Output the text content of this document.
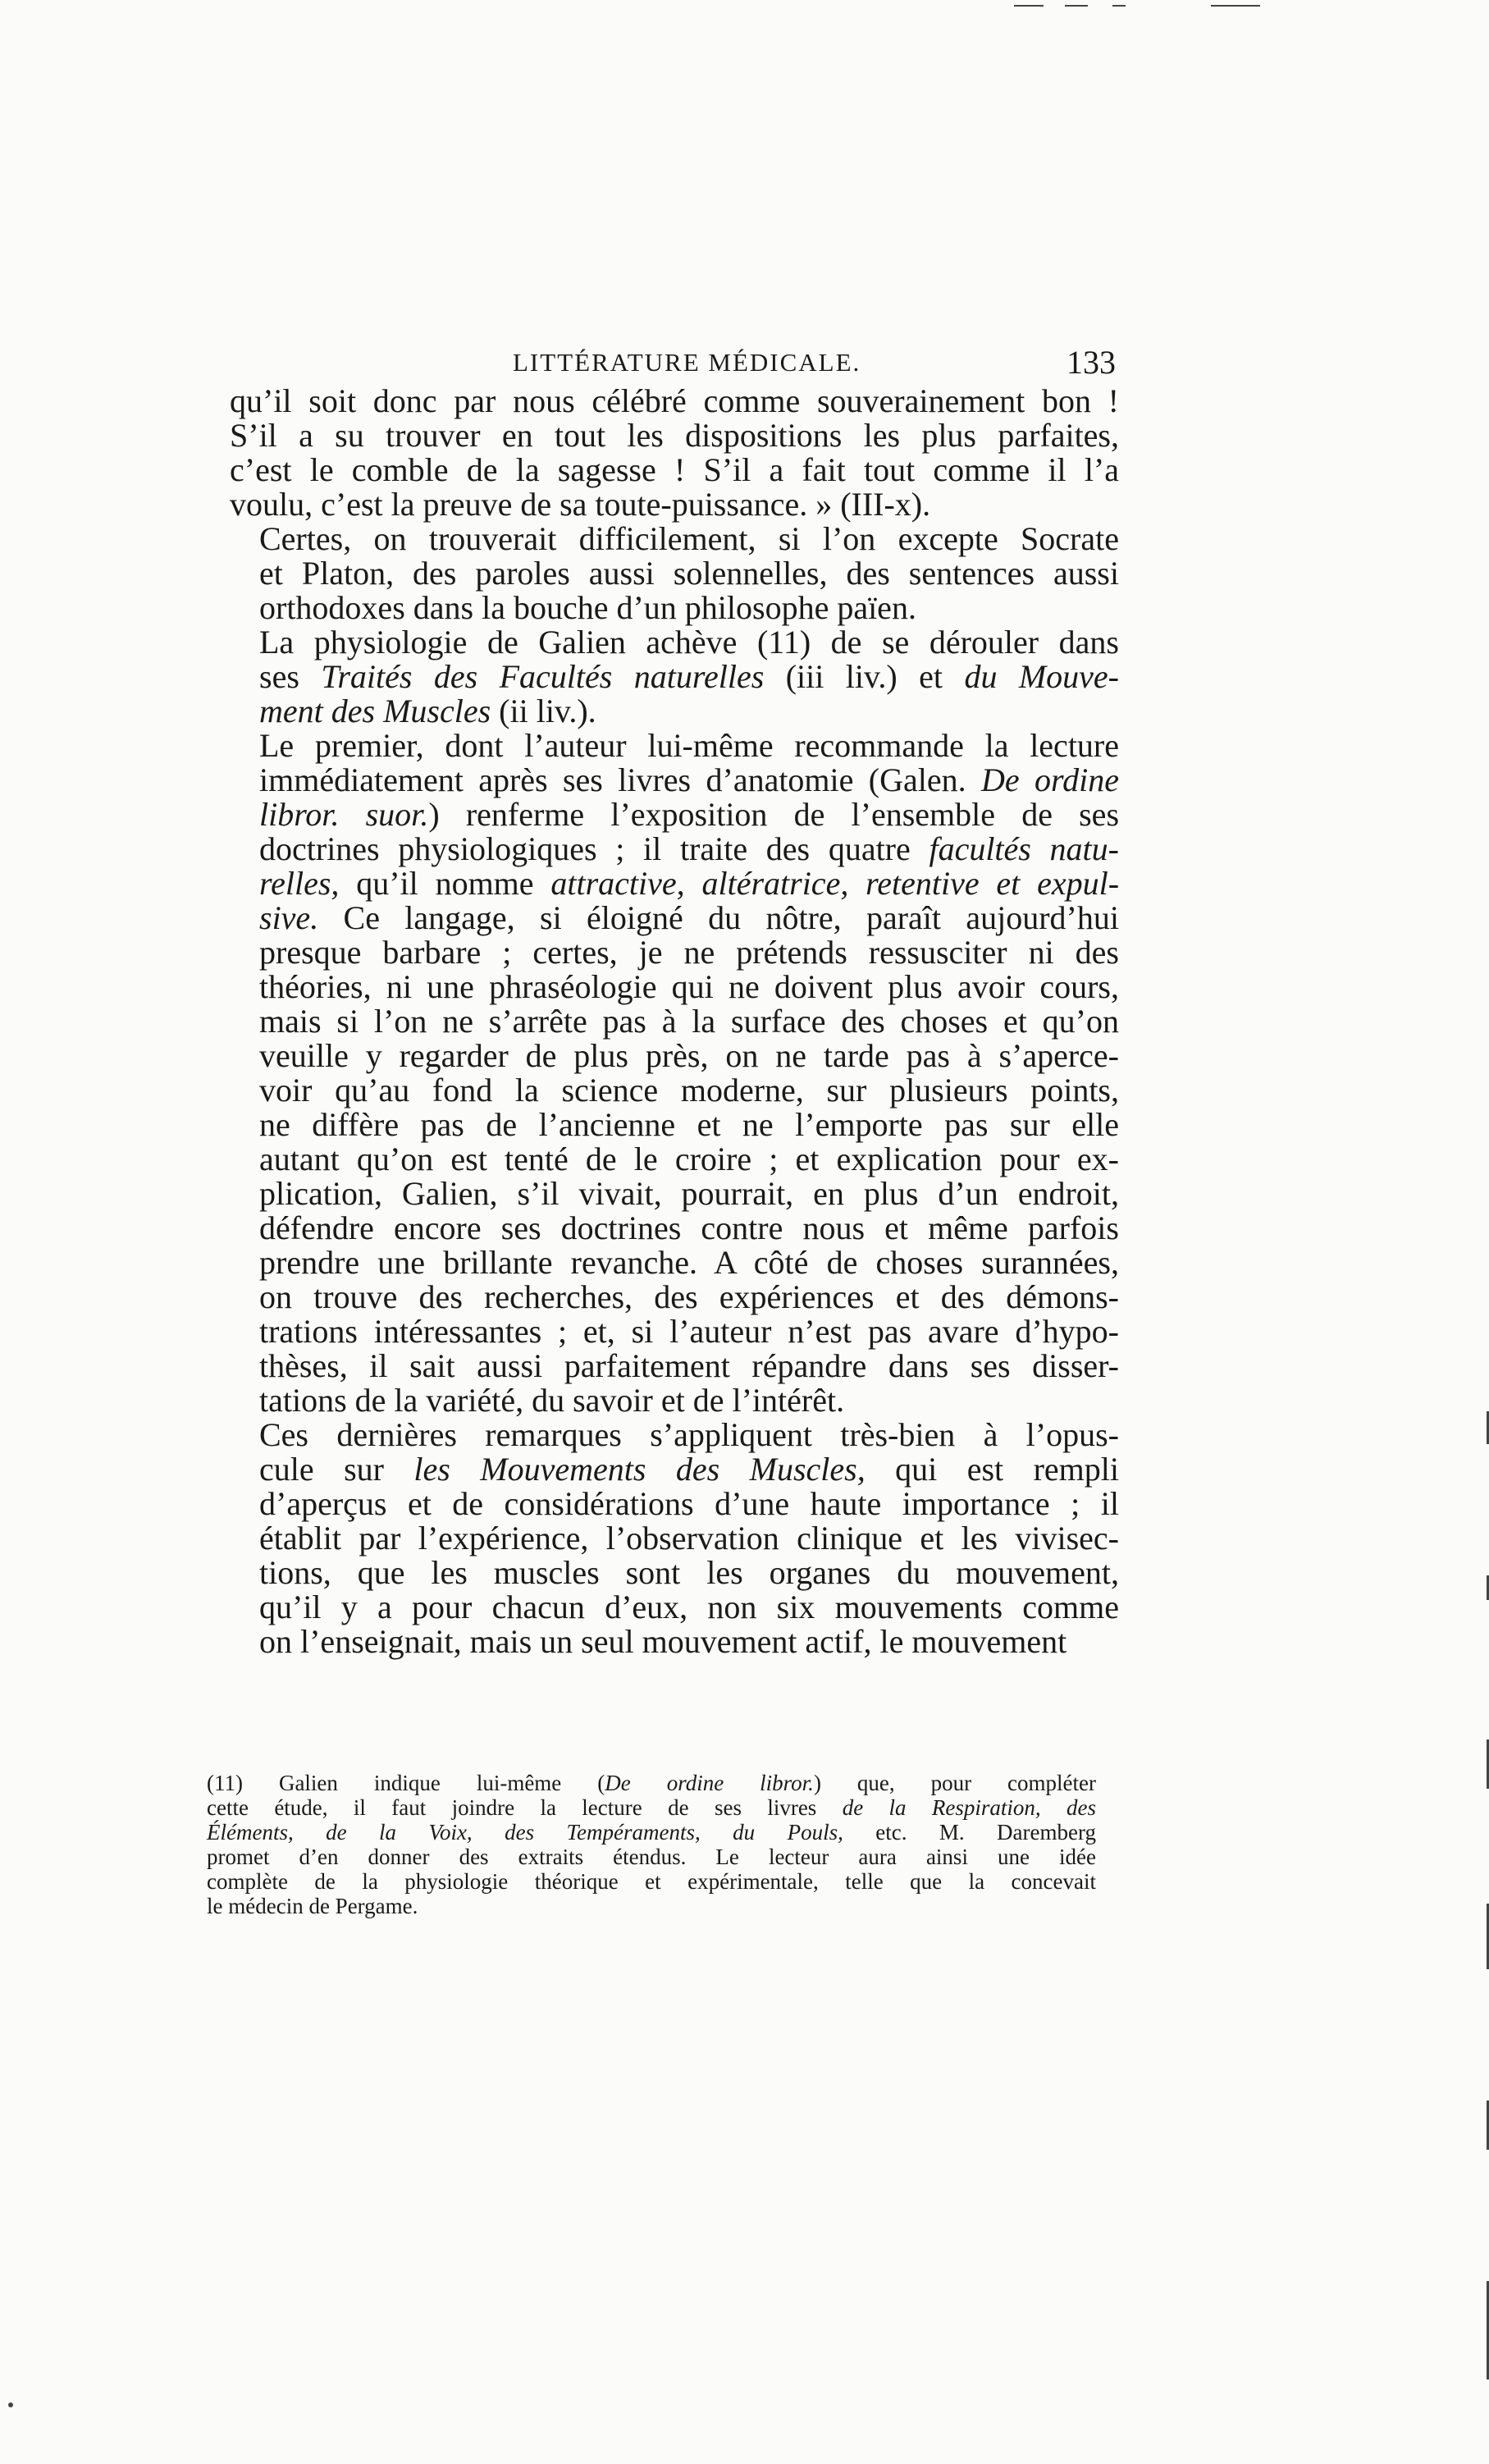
LITTÉRATURE MÉDICALE.	133

qu’il soit donc par nous célébré comme souverainement bon !
S’il a su trouver en tout les dispositions les plus parfaites,
c’est le comble de la sagesse ! S’il a fait tout comme il l’a
voulu, c’est la preuve de sa toute-puissance. » (III-x).

Certes, on trouverait difficilement, si l’on excepte Socrate
et Platon, des paroles aussi solennelles, des sentences aussi
orthodoxes dans la bouche d’un philosophe païen.

La physiologie de Galien achève (11) de se dérouler dans
ses Traités des Facultés naturelles (iii liv.) et du Mouve-
ment des Muscles (ii liv.).

Le premier, dont l’auteur lui-même recommande la lecture
immédiatement après ses livres d’anatomie (Galen. De ordine
libror. suor.) renferme l’exposition de l’ensemble de ses
doctrines physiologiques ; il traite des quatre facultés natu-
relles, qu’il nomme attractive, altératrice, retentive et expul-
sive. Ce langage, si éloigné du nôtre, paraît aujourd’hui
presque barbare ; certes, je ne prétends ressusciter ni des
théories, ni une phraséologie qui ne doivent plus avoir cours,
mais si l’on ne s’arrête pas à la surface des choses et qu’on
veuille y regarder de plus près, on ne tarde pas à s’aperce-
voir qu’au fond la science moderne, sur plusieurs points,
ne diffère pas de l’ancienne et ne l’emporte pas sur elle
autant qu’on est tenté de le croire ; et explication pour ex-
plication, Galien, s’il vivait, pourrait, en plus d’un endroit,
défendre encore ses doctrines contre nous et même parfois
prendre une brillante revanche. A côté de choses surannées,
on trouve des recherches, des expériences et des démons-
trations intéressantes ; et, si l’auteur n’est pas avare d’hypo-
thèses, il sait aussi parfaitement répandre dans ses disser-
tations de la variété, du savoir et de l’intérêt.

Ces dernières remarques s’appliquent très-bien à l’opus-
cule sur les Mouvements des Muscles, qui est rempli
d’aperçus et de considérations d’une haute importance ; il
établit par l’expérience, l’observation clinique et les vivisec-
tions, que les muscles sont les organes du mouvement,
qu’il y a pour chacun d’eux, non six mouvements comme
on l’enseignait, mais un seul mouvement actif, le mouvement

(11) Galien indique lui-même (De ordine libror.) que, pour compléter
cette étude, il faut joindre la lecture de ses livres de la Respiration, des
Éléments, de la Voix, des Tempéraments, du Pouls, etc. M. Daremberg
promet d’en donner des extraits étendus. Le lecteur aura ainsi une idée
complète de la physiologie théorique et expérimentale, telle que la concevait
le médecin de Pergame.
